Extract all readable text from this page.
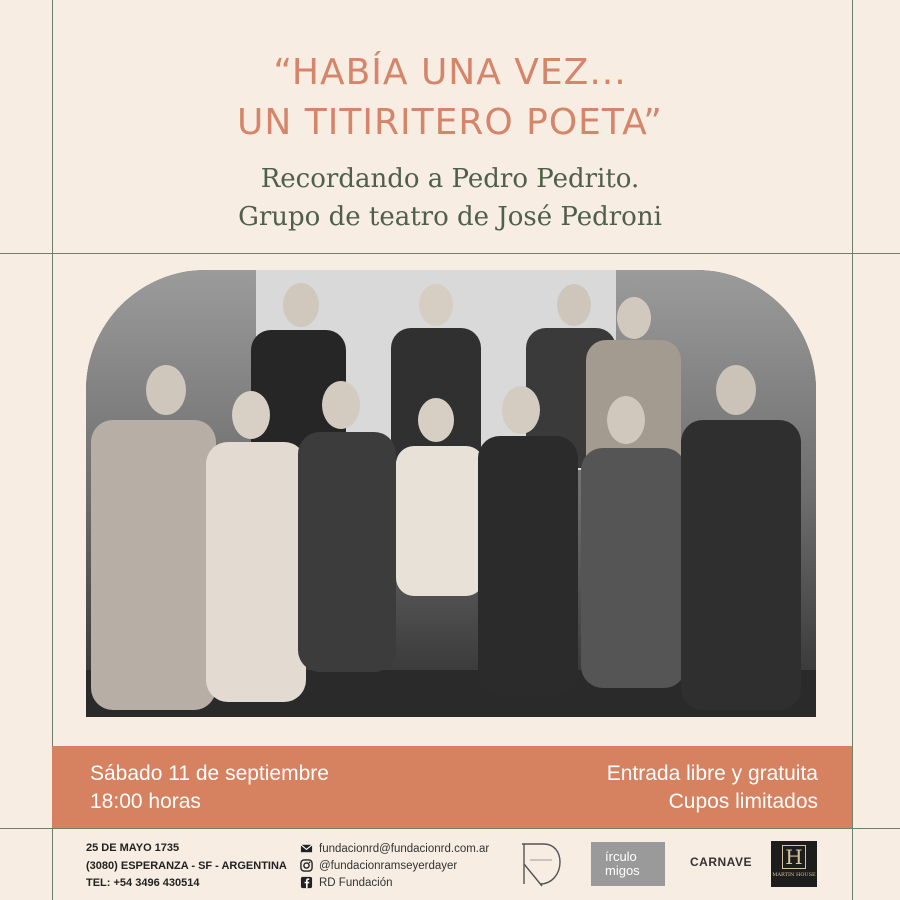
“HABÍA UNA VEZ...
UN TITIRITERO POETA”
Recordando a Pedro Pedrito.
Grupo de teatro de José Pedroni
Sábado 11 de septiembre
18:00 horas
Entrada libre y gratuita
Cupos limitados
25 DE MAYO 1735
(3080) ESPERANZA - SF - ARGENTINA
TEL: +54 3496 430514
fundacionrd@fundacionrd.com.ar
@fundacionramseyerdayer
RD Fundación
írculo
migos
CARNAVE H
MARTIN HOUSE
